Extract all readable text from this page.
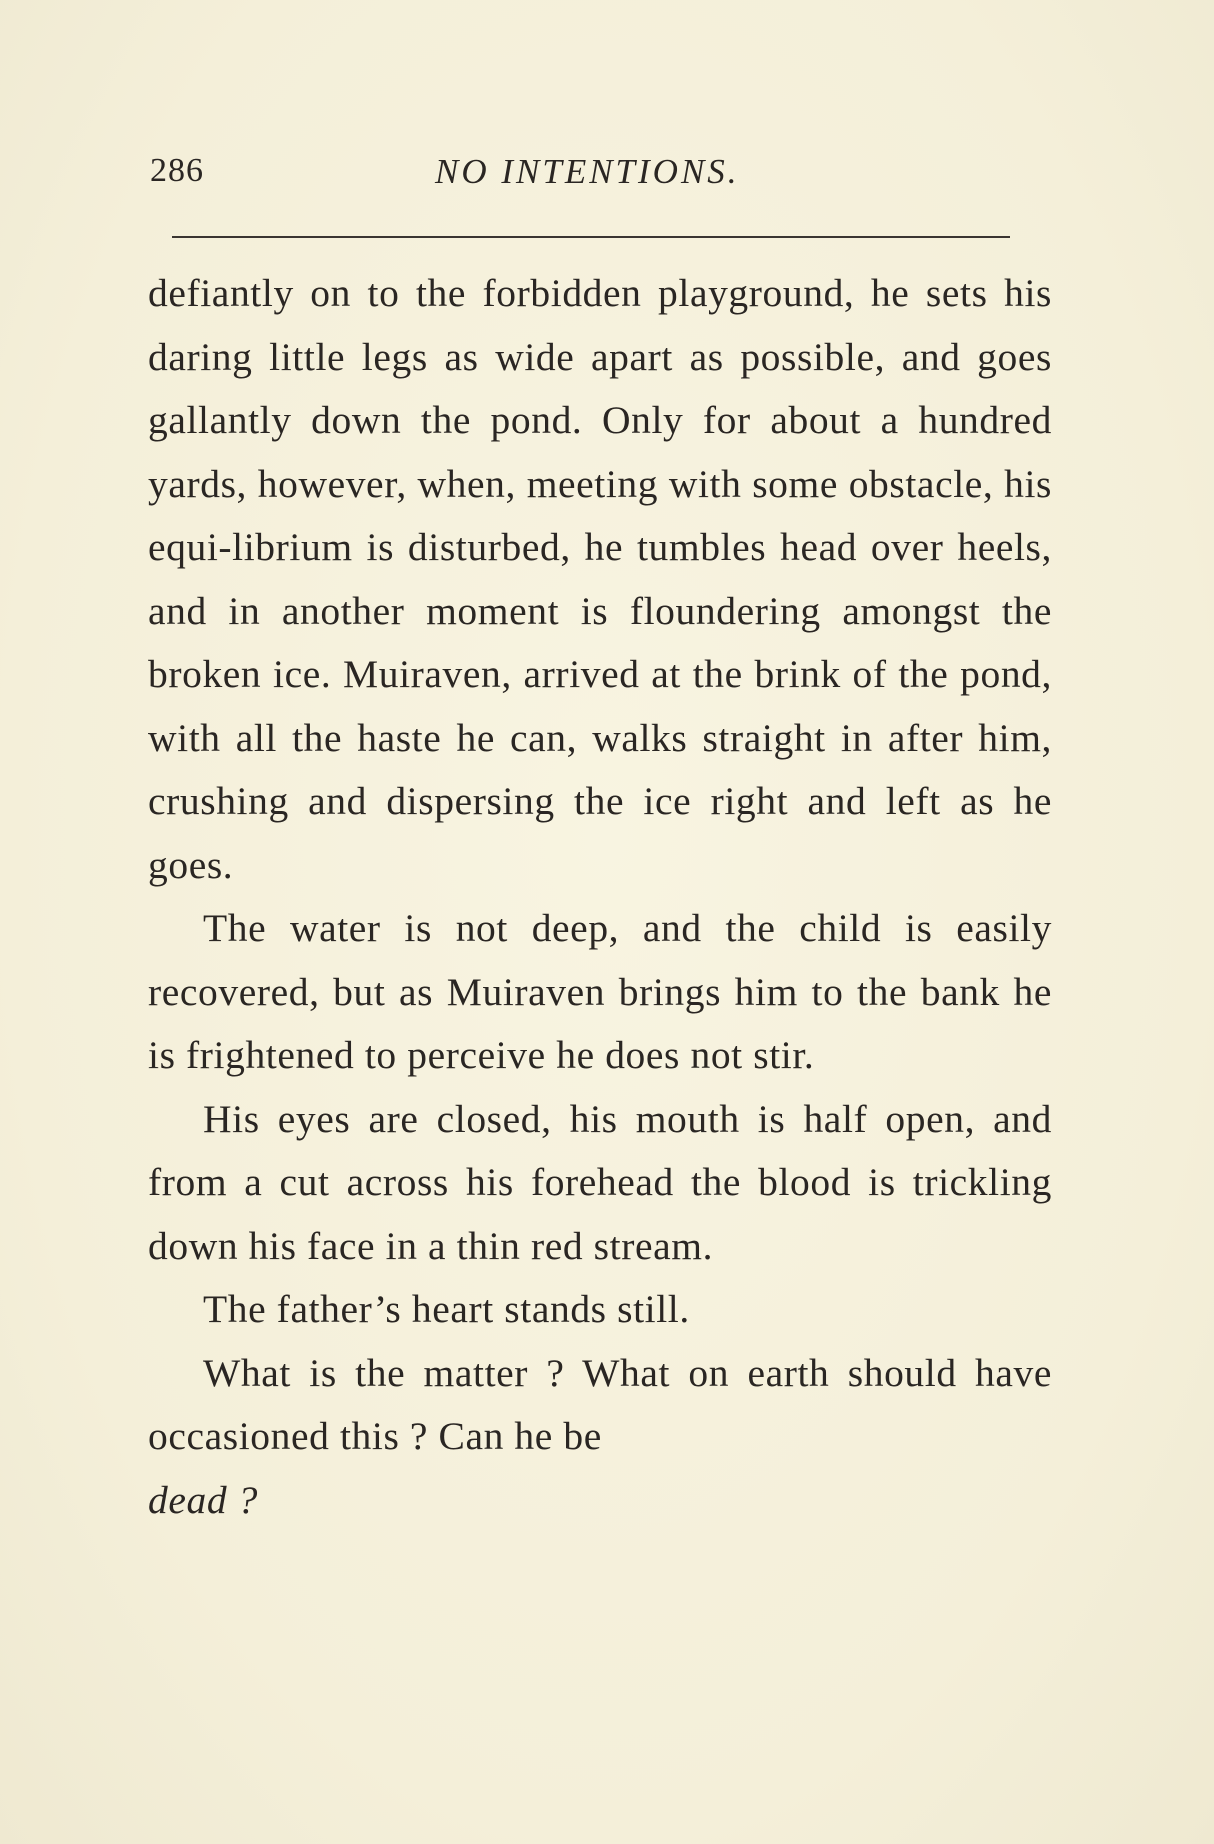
286	NO INTENTIONS.

defiantly on to the forbidden playground, he sets his daring little legs as wide apart as possible, and goes gallantly down the pond. Only for about a hundred yards, however, when, meeting with some obstacle, his equi-librium is disturbed, he tumbles head over heels, and in another moment is floundering amongst the broken ice. Muiraven, arrived at the brink of the pond, with all the haste he can, walks straight in after him, crushing and dispersing the ice right and left as he goes.

The water is not deep, and the child is easily recovered, but as Muiraven brings him to the bank he is frightened to perceive he does not stir.

His eyes are closed, his mouth is half open, and from a cut across his forehead the blood is trickling down his face in a thin red stream.

The father’s heart stands still.

What is the matter ? What on earth should have occasioned this ? Can he be

dead ?
